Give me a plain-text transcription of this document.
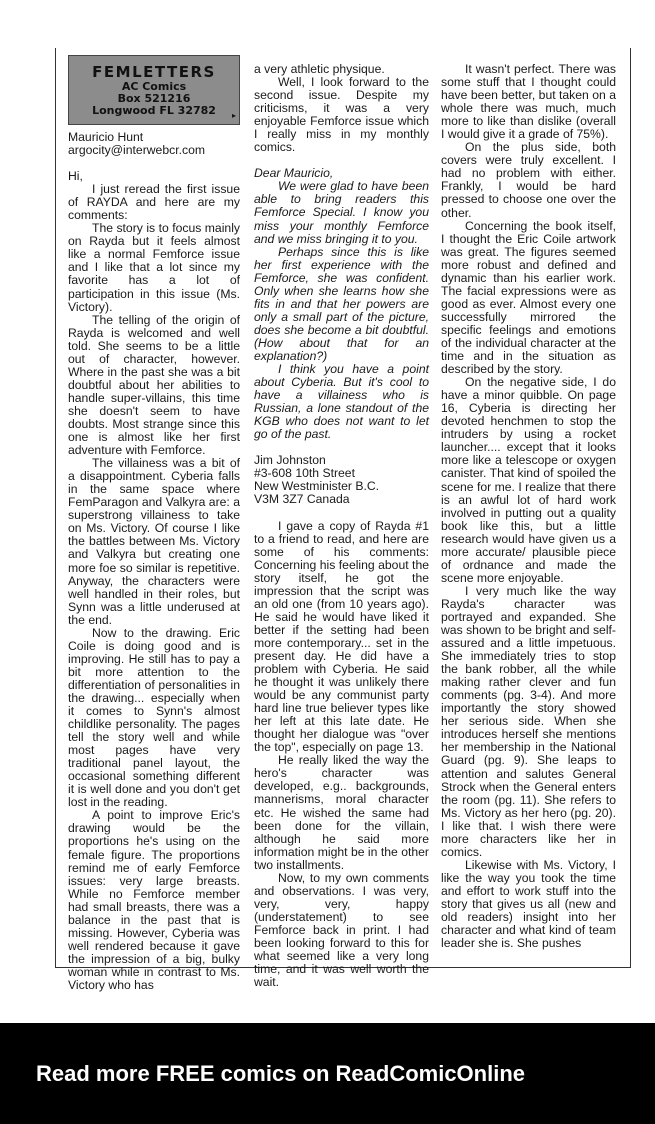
FEMLETTERS
AC Comics
Box 521216
Longwood FL 32782 ▸

Mauricio Hunt

argocity@interwebcr.com

Hi,

I just reread the first issue of RAYDA and here are my comments:

The story is to focus mainly on Rayda but it feels almost like a normal Femforce issue and I like that a lot since my favorite has a lot of participation in this issue (Ms. Victory).

The telling of the origin of Rayda is welcomed and well told. She seems to be a little out of character, however. Where in the past she was a bit doubtful about her abilities to handle super-villains, this time she doesn't seem to have doubts. Most strange since this one is almost like her first adventure with Femforce.

The villainess was a bit of a disappointment. Cyberia falls in the same space where FemParagon and Valkyra are: a superstrong villainess to take on Ms. Victory. Of course I like the battles between Ms. Victory and Valkyra but creating one more foe so similar is repetitive. Anyway, the characters were well handled in their roles, but Synn was a little underused at the end.

Now to the drawing. Eric Coile is doing good and is improving. He still has to pay a bit more attention to the differentiation of personalities in the drawing... especially when it comes to Synn's almost childlike personality. The pages tell the story well and while most pages have very traditional panel layout, the occasional something different it is well done and you don't get lost in the reading.

A point to improve Eric's drawing would be the proportions he's using on the female figure. The proportions remind me of early Femforce issues: very large breasts. While no Femforce member had small breasts, there was a balance in the past that is missing. However, Cyberia was well rendered because it gave the impression of a big, bulky woman while in contrast to Ms. Victory who has

a very athletic physique.

Well, I look forward to the second issue. Despite my criticisms, it was a very enjoyable Femforce issue which I really miss in my monthly comics.

Dear Mauricio,

We were glad to have been able to bring readers this Femforce Special. I know you miss your monthly Femforce and we miss bringing it to you.

Perhaps since this is like her first experience with the Femforce, she was confident. Only when she learns how she fits in and that her powers are only a small part of the picture, does she become a bit doubtful. (How about that for an explanation?)

I think you have a point about Cyberia. But it's cool to have a villainess who is Russian, a lone standout of the KGB who does not want to let go of the past.

Jim Johnston

#3-608 10th Street

New Westminister B.C.

V3M 3Z7 Canada

I gave a copy of Rayda #1 to a friend to read, and here are some of his comments: Concerning his feeling about the story itself, he got the impression that the script was an old one (from 10 years ago). He said he would have liked it better if the setting had been more contemporary... set in the present day. He did have a problem with Cyberia. He said he thought it was unlikely there would be any communist party hard line true believer types like her left at this late date. He thought her dialogue was "over the top", especially on page 13.

He really liked the way the hero's character was developed, e.g.. backgrounds, mannerisms, moral character etc. He wished the same had been done for the villain, although he said more information might be in the other two installments.

Now, to my own comments and observations. I was very, very, very, happy (understatement) to see Femforce back in print. I had been looking forward to this for what seemed like a very long time, and it was well worth the wait.

It wasn't perfect. There was some stuff that I thought could have been better, but taken on a whole there was much, much more to like than dislike (overall I would give it a grade of 75%).

On the plus side, both covers were truly excellent. I had no problem with either. Frankly, I would be hard pressed to choose one over the other.

Concerning the book itself, I thought the Eric Coile artwork was great. The figures seemed more robust and defined and dynamic than his earlier work. The facial expressions were as good as ever. Almost every one successfully mirrored the specific feelings and emotions of the individual character at the time and in the situation as described by the story.

On the negative side, I do have a minor quibble. On page 16, Cyberia is directing her devoted henchmen to stop the intruders by using a rocket launcher.... except that it looks more like a telescope or oxygen canister. That kind of spoiled the scene for me. I realize that there is an awful lot of hard work involved in putting out a quality book like this, but a little research would have given us a more accurate/ plausible piece of ordnance and made the scene more enjoyable.

I very much like the way Rayda's character was portrayed and expanded. She was shown to be bright and self-assured and a little impetuous. She immediately tries to stop the bank robber, all the while making rather clever and fun comments (pg. 3-4). And more importantly the story showed her serious side. When she introduces herself she mentions her membership in the National Guard (pg. 9). She leaps to attention and salutes General Strock when the General enters the room (pg. 11). She refers to Ms. Victory as her hero (pg. 20). I like that. I wish there were more characters like her in comics.

Likewise with Ms. Victory, I like the way you took the time and effort to work stuff into the story that gives us all (new and old readers) insight into her character and what kind of team leader she is. She pushes

Read more FREE comics on ReadComicOnline
